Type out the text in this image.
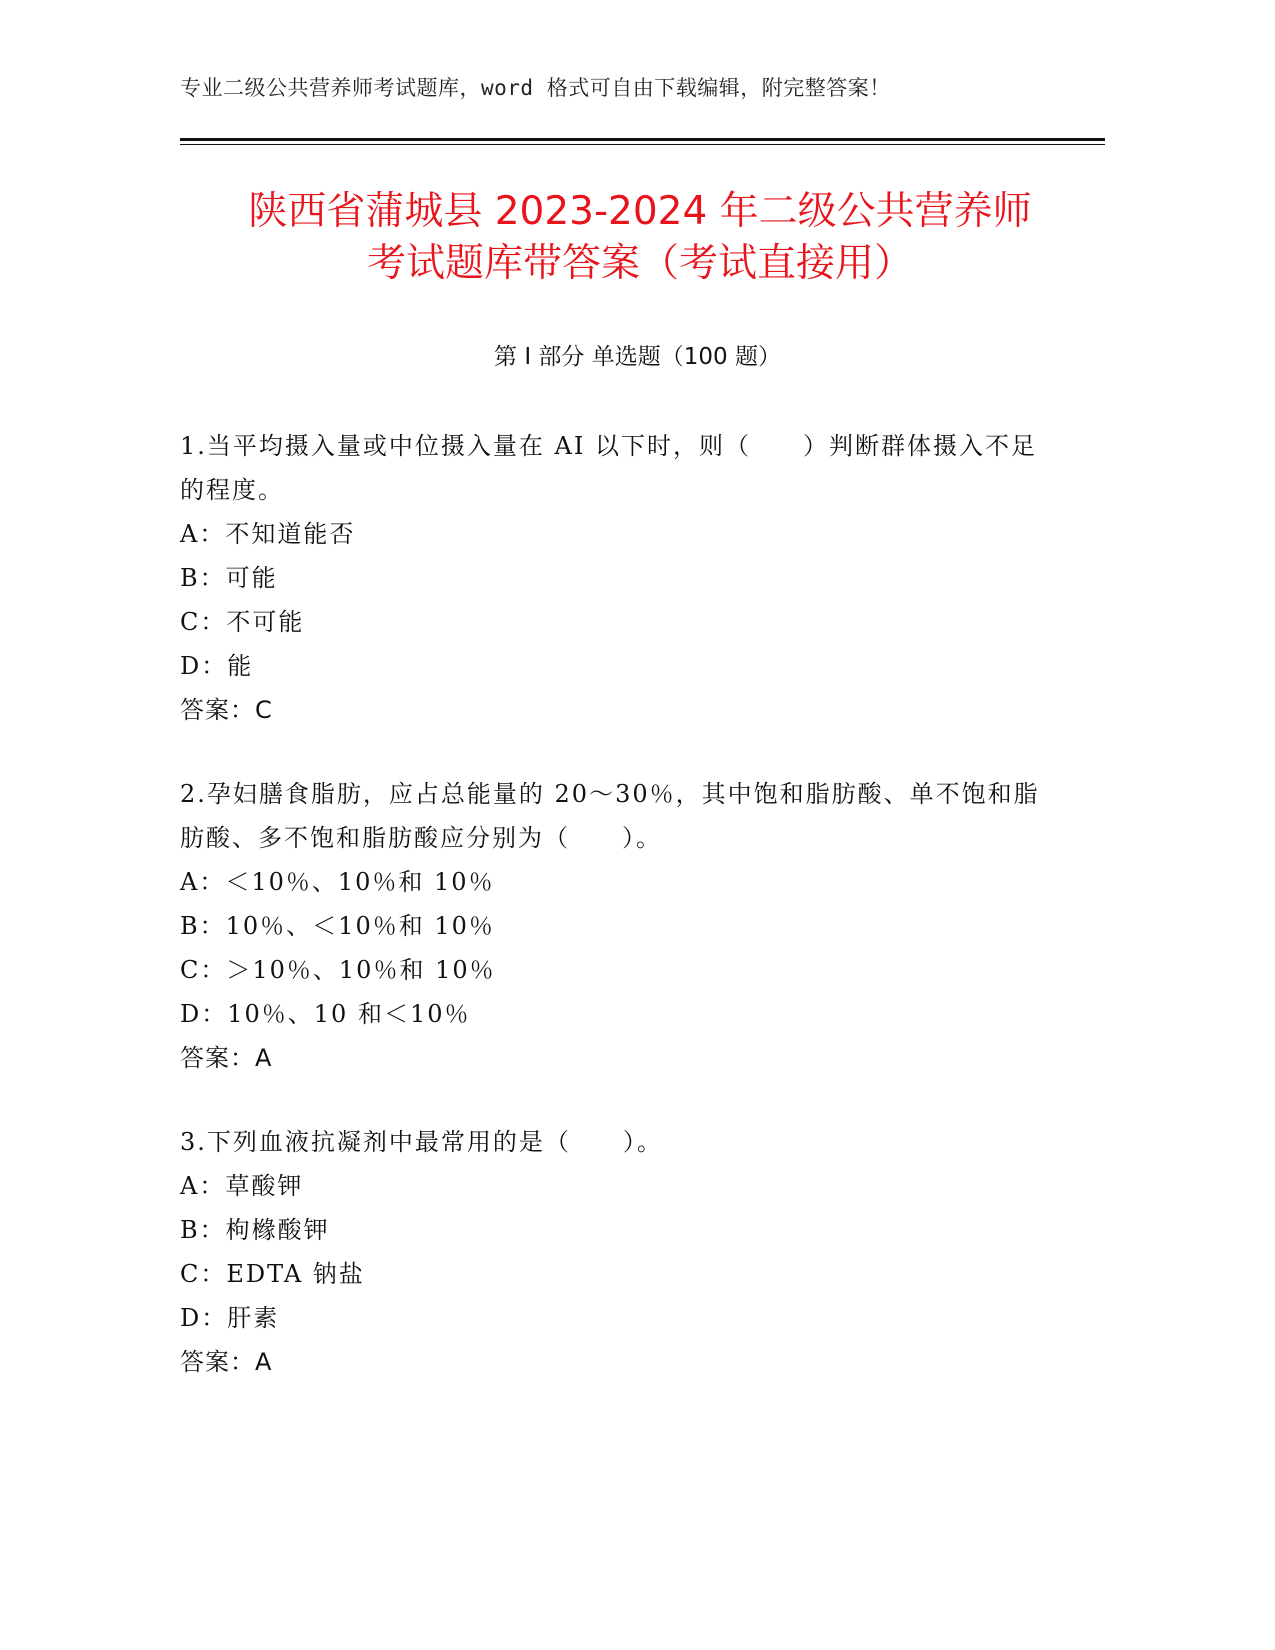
专业二级公共营养师考试题库，word 格式可自由下载编辑，附完整答案！
陕西省蒲城县 2023-2024 年二级公共营养师
考试题库带答案（考试直接用）
第 I 部分 单选题（100 题）

1.当平均摄入量或中位摄入量在 AI 以下时，则（　　）判断群体摄入不足的程度。

A：不知道能否

B：可能

C：不可能

D：能

答案：C

2.孕妇膳食脂肪，应占总能量的 20～30％，其中饱和脂肪酸、单不饱和脂肪酸、多不饱和脂肪酸应分别为（　　）。

A：＜10％、10％和 10％

B：10％、＜10％和 10％

C：＞10％、10％和 10％

D：10％、10 和＜10％

答案：A

3.下列血液抗凝剂中最常用的是（　　）。

A：草酸钾

B：枸橼酸钾

C：EDTA 钠盐

D：肝素

答案：A
